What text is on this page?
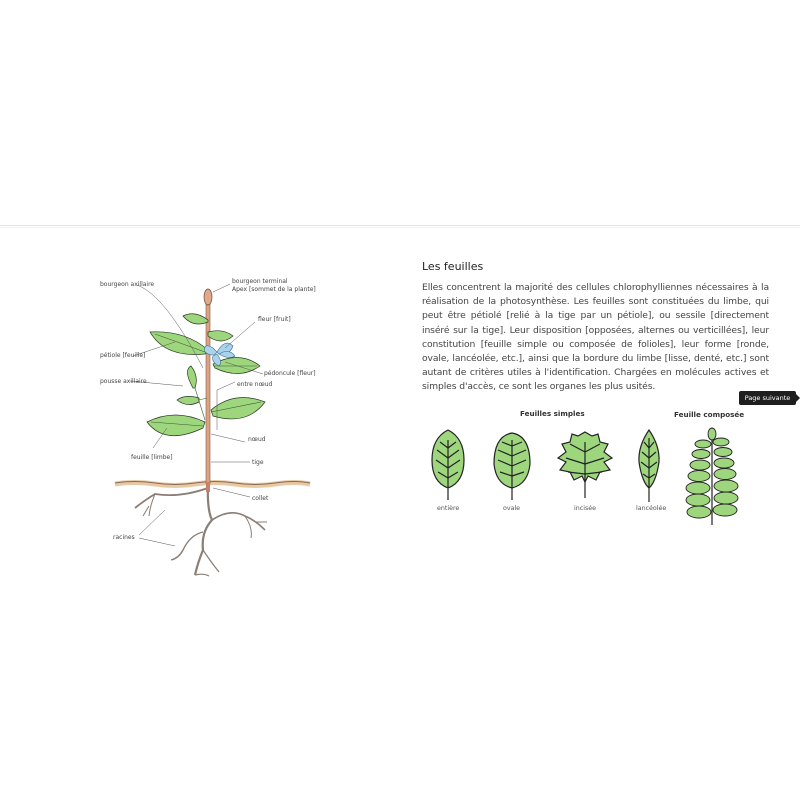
bourgeon axillaire	bourgeon terminal
Apex [sommet de la plante]
fleur [fruit]
pétiole [feuille]
pédoncule [fleur]
pousse axillaire	entre nœud
nœud
feuille [limbe]
tige
collet
racines
Les feuilles
Elles concentrent la majorité des cellules chlorophylliennes nécessaires à la réalisation de la photosynthèse. Les feuilles sont constituées du limbe, qui peut être pétiolé [relié à la tige par un pétiole], ou sessile [directement inséré sur la tige]. Leur disposition [opposées, alternes ou verticillées], leur constitution [feuille simple ou composée de folioles], leur forme [ronde, ovale, lancéolée, etc.], ainsi que la bordure du limbe [lisse, denté, etc.] sont autant de critères utiles à l'identification. Chargées en molécules actives et simples d'accès, ce sont les organes les plus usités.
Feuilles simples	Feuille composée
entière	ovale	incisée	lancéolée
Page suivante
